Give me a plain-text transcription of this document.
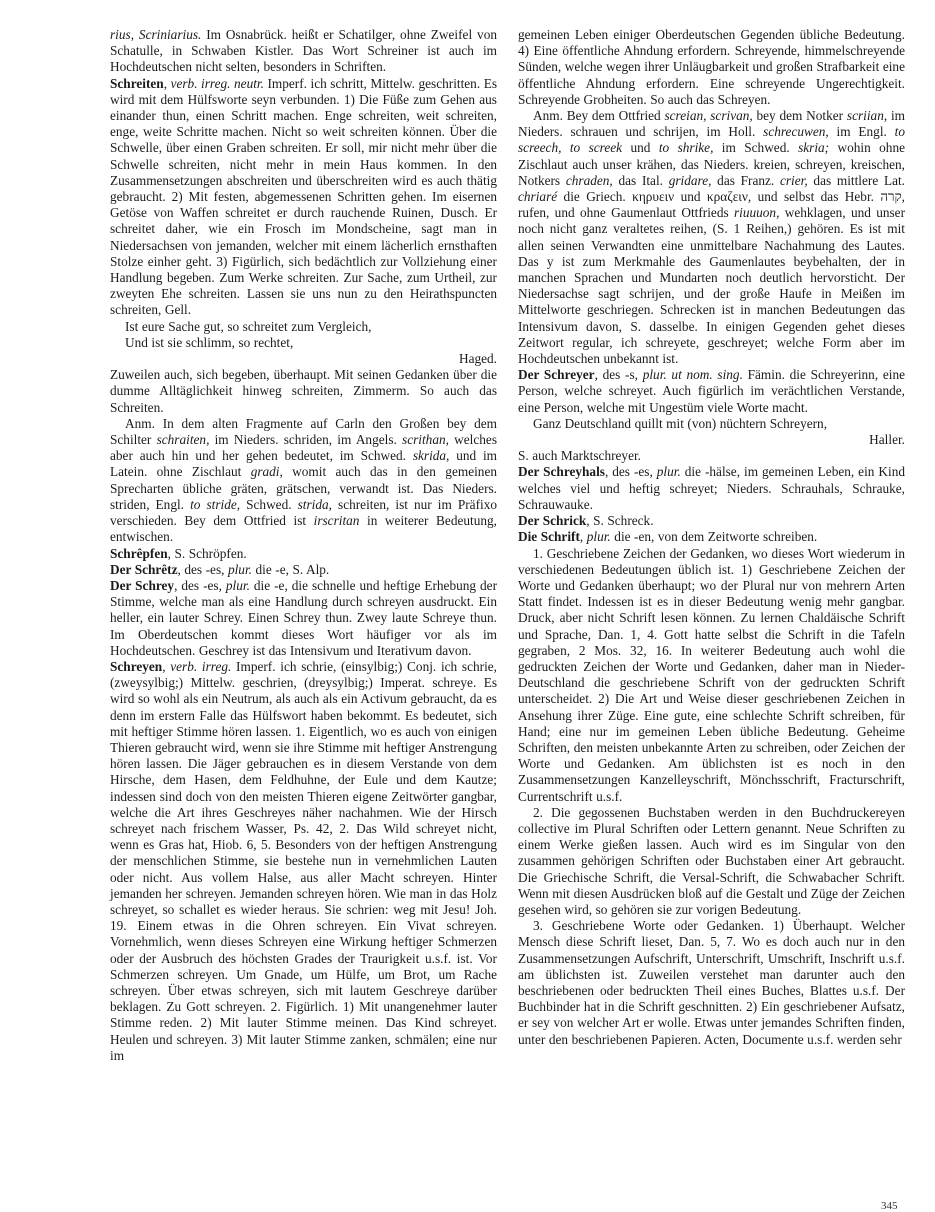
rius, Scriniarius. Im Osnabrück. heißt er Schatilger, ohne Zweifel von Schatulle, in Schwaben Kistler. Das Wort Schreiner ist auch im Hochdeutschen nicht selten, besonders in Schriften.

Schreiten, verb. irreg. neutr. Imperf. ich schritt, Mittelw. geschritten. Es wird mit dem Hülfsworte seyn verbunden. 1) Die Füße zum Gehen aus einander thun, einen Schritt machen. Enge schreiten, weit schreiten, enge, weite Schritte machen. Nicht so weit schreiten können. Über die Schwelle, über einen Graben schreiten. Er soll, mir nicht mehr über die Schwelle schreiten, nicht mehr in mein Haus kommen. In den Zusammensetzungen abschreiten und überschreiten wird es auch thätig gebraucht. 2) Mit festen, abgemessenen Schritten gehen. Im eisernen Getöse von Waffen schreitet er durch rauchende Ruinen, Dusch. Er schreitet daher, wie ein Frosch im Mondscheine, sagt man in Niedersachsen von jemanden, welcher mit einem lächerlich ernsthaften Stolze einher geht. 3) Figürlich, sich bedächtlich zur Vollziehung einer Handlung begeben. Zum Werke schreiten. Zur Sache, zum Urtheil, zur zweyten Ehe schreiten. Lassen sie uns nun zu den Heirathspuncten schreiten, Gell.

Ist eure Sache gut, so schreitet zum Vergleich,

Und ist sie schlimm, so rechtet,

Haged.

Zuweilen auch, sich begeben, überhaupt. Mit seinen Gedanken über die dumme Alltäglichkeit hinweg schreiten, Zimmerm. So auch das Schreiten.

Anm. In dem alten Fragmente auf Carln den Großen bey dem Schilter schraiten, im Nieders. schriden, im Angels. scrithan, welches aber auch hin und her gehen bedeutet, im Schwed. skrida, und im Latein. ohne Zischlaut gradi, womit auch das in den gemeinen Sprecharten übliche gräten, grätschen, verwandt ist. Das Nieders. striden, Engl. to stride, Schwed. strida, schreiten, ist nur im Präfixo verschieden. Bey dem Ottfried ist irscritan in weiterer Bedeutung, entwischen.

Schrêpfen, S. Schröpfen.

Der Schrêtz, des -es, plur. die -e, S. Alp.

Der Schrey, des -es, plur. die -e, die schnelle und heftige Erhebung der Stimme, welche man als eine Handlung durch schreyen ausdruckt. Ein heller, ein lauter Schrey. Einen Schrey thun. Zwey laute Schreye thun. Im Oberdeutschen kommt dieses Wort häufiger vor als im Hochdeutschen. Geschrey ist das Intensivum und Iterativum davon.

Schreyen, verb. irreg. Imperf. ich schrie, (einsylbig;) Conj. ich schrie, (zweysylbig;) Mittelw. geschrien, (dreysylbig;) Imperat. schreye. Es wird so wohl als ein Neutrum, als auch als ein Activum gebraucht, da es denn im erstern Falle das Hülfswort haben bekommt. Es bedeutet, sich mit heftiger Stimme hören lassen. 1. Eigentlich, wo es auch von einigen Thieren gebraucht wird, wenn sie ihre Stimme mit heftiger Anstrengung hören lassen. Die Jäger gebrauchen es in diesem Verstande von dem Hirsche, dem Hasen, dem Feldhuhne, der Eule und dem Kautze; indessen sind doch von den meisten Thieren eigene Zeitwörter gangbar, welche die Art ihres Geschreyes näher nachahmen. Wie der Hirsch schreyet nach frischem Wasser, Ps. 42, 2. Das Wild schreyet nicht, wenn es Gras hat, Hiob. 6, 5. Besonders von der heftigen Anstrengung der menschlichen Stimme, sie bestehe nun in vernehmlichen Lauten oder nicht. Aus vollem Halse, aus aller Macht schreyen. Hinter jemanden her schreyen. Jemanden schreyen hören. Wie man in das Holz schreyet, so schallet es wieder heraus. Sie schrien: weg mit Jesu! Joh. 19. Einem etwas in die Ohren schreyen. Ein Vivat schreyen. Vornehmlich, wenn dieses Schreyen eine Wirkung heftiger Schmerzen oder der Ausbruch des höchsten Grades der Traurigkeit u.s.f. ist. Vor Schmerzen schreyen. Um Gnade, um Hülfe, um Brot, um Rache schreyen. Über etwas schreyen, sich mit lautem Geschreye darüber beklagen. Zu Gott schreyen. 2. Figürlich. 1) Mit unangenehmer lauter Stimme reden. 2) Mit lauter Stimme meinen. Das Kind schreyet. Heulen und schreyen. 3) Mit lauter Stimme zanken, schmälen; eine nur im

gemeinen Leben einiger Oberdeutschen Gegenden übliche Bedeutung. 4) Eine öffentliche Ahndung erfordern. Schreyende, himmelschreyende Sünden, welche wegen ihrer Unläugbarkeit und großen Strafbarkeit eine öffentliche Ahndung erfordern. Eine schreyende Ungerechtigkeit. Schreyende Grobheiten. So auch das Schreyen.

Anm. Bey dem Ottfried screian, scrivan, bey dem Notker scriian, im Nieders. schrauen und schrijen, im Holl. schrecuwen, im Engl. to screech, to screek und to shrike, im Schwed. skria; wohin ohne Zischlaut auch unser krähen, das Nieders. kreien, schreyen, kreischen, Notkers chraden, das Ital. gridare, das Franz. crier, das mittlere Lat. chriaré die Griech. κηρυειν und κραζειν, und selbst das Hebr. קרה, rufen, und ohne Gaumenlaut Ottfrieds riuuuon, wehklagen, und unser noch nicht ganz veraltetes reihen, (S. 1 Reihen,) gehören. Es ist mit allen seinen Verwandten eine unmittelbare Nachahmung des Lautes. Das y ist zum Merkmahle des Gaumenlautes beybehalten, der in manchen Sprachen und Mundarten noch deutlich hervorsticht. Der Niedersachse sagt schrijen, und der große Haufe in Meißen im Mittelworte geschriegen. Schrecken ist in manchen Bedeutungen das Intensivum davon, S. dasselbe. In einigen Gegenden gehet dieses Zeitwort regular, ich schreyete, geschreyet; welche Form aber im Hochdeutschen unbekannt ist.

Der Schreyer, des -s, plur. ut nom. sing. Fämin. die Schreyerinn, eine Person, welche schreyet. Auch figürlich im verächtlichen Verstande, eine Person, welche mit Ungestüm viele Worte macht.

Ganz Deutschland quillt mit (von) nüchtern Schreyern,

Haller.

S. auch Marktschreyer.

Der Schreyhals, des -es, plur. die -hälse, im gemeinen Leben, ein Kind welches viel und heftig schreyet; Nieders. Schrauhals, Schrauke, Schrauwauke.

Der Schrick, S. Schreck.

Die Schrift, plur. die -en, von dem Zeitworte schreiben.

1. Geschriebene Zeichen der Gedanken, wo dieses Wort wiederum in verschiedenen Bedeutungen üblich ist. 1) Geschriebene Zeichen der Worte und Gedanken überhaupt; wo der Plural nur von mehrern Arten Statt findet. Indessen ist es in dieser Bedeutung wenig mehr gangbar. Druck, aber nicht Schrift lesen können. Zu lernen Chaldäische Schrift und Sprache, Dan. 1, 4. Gott hatte selbst die Schrift in die Tafeln gegraben, 2 Mos. 32, 16. In weiterer Bedeutung auch wohl die gedruckten Zeichen der Worte und Gedanken, daher man in Nieder-Deutschland die geschriebene Schrift von der gedruckten Schrift unterscheidet. 2) Die Art und Weise dieser geschriebenen Zeichen in Ansehung ihrer Züge. Eine gute, eine schlechte Schrift schreiben, für Hand; eine nur im gemeinen Leben übliche Bedeutung. Geheime Schriften, den meisten unbekannte Arten zu schreiben, oder Zeichen der Worte und Gedanken. Am üblichsten ist es noch in den Zusammensetzungen Kanzelleyschrift, Mönchsschrift, Fracturschrift, Currentschrift u.s.f.

2. Die gegossenen Buchstaben werden in den Buchdruckereyen collective im Plural Schriften oder Lettern genannt. Neue Schriften zu einem Werke gießen lassen. Auch wird es im Singular von den zusammen gehörigen Schriften oder Buchstaben einer Art gebraucht. Die Griechische Schrift, die Versal-Schrift, die Schwabacher Schrift. Wenn mit diesen Ausdrücken bloß auf die Gestalt und Züge der Zeichen gesehen wird, so gehören sie zur vorigen Bedeutung.

3. Geschriebene Worte oder Gedanken. 1) Überhaupt. Welcher Mensch diese Schrift lieset, Dan. 5, 7. Wo es doch auch nur in den Zusammensetzungen Aufschrift, Unterschrift, Umschrift, Inschrift u.s.f. am üblichsten ist. Zuweilen verstehet man darunter auch den beschriebenen oder bedruckten Theil eines Buches, Blattes u.s.f. Der Buchbinder hat in die Schrift geschnitten. 2) Ein geschriebener Aufsatz, er sey von welcher Art er wolle. Etwas unter jemandes Schriften finden, unter den beschriebenen Papieren. Acten, Documente u.s.f. werden sehr

345
